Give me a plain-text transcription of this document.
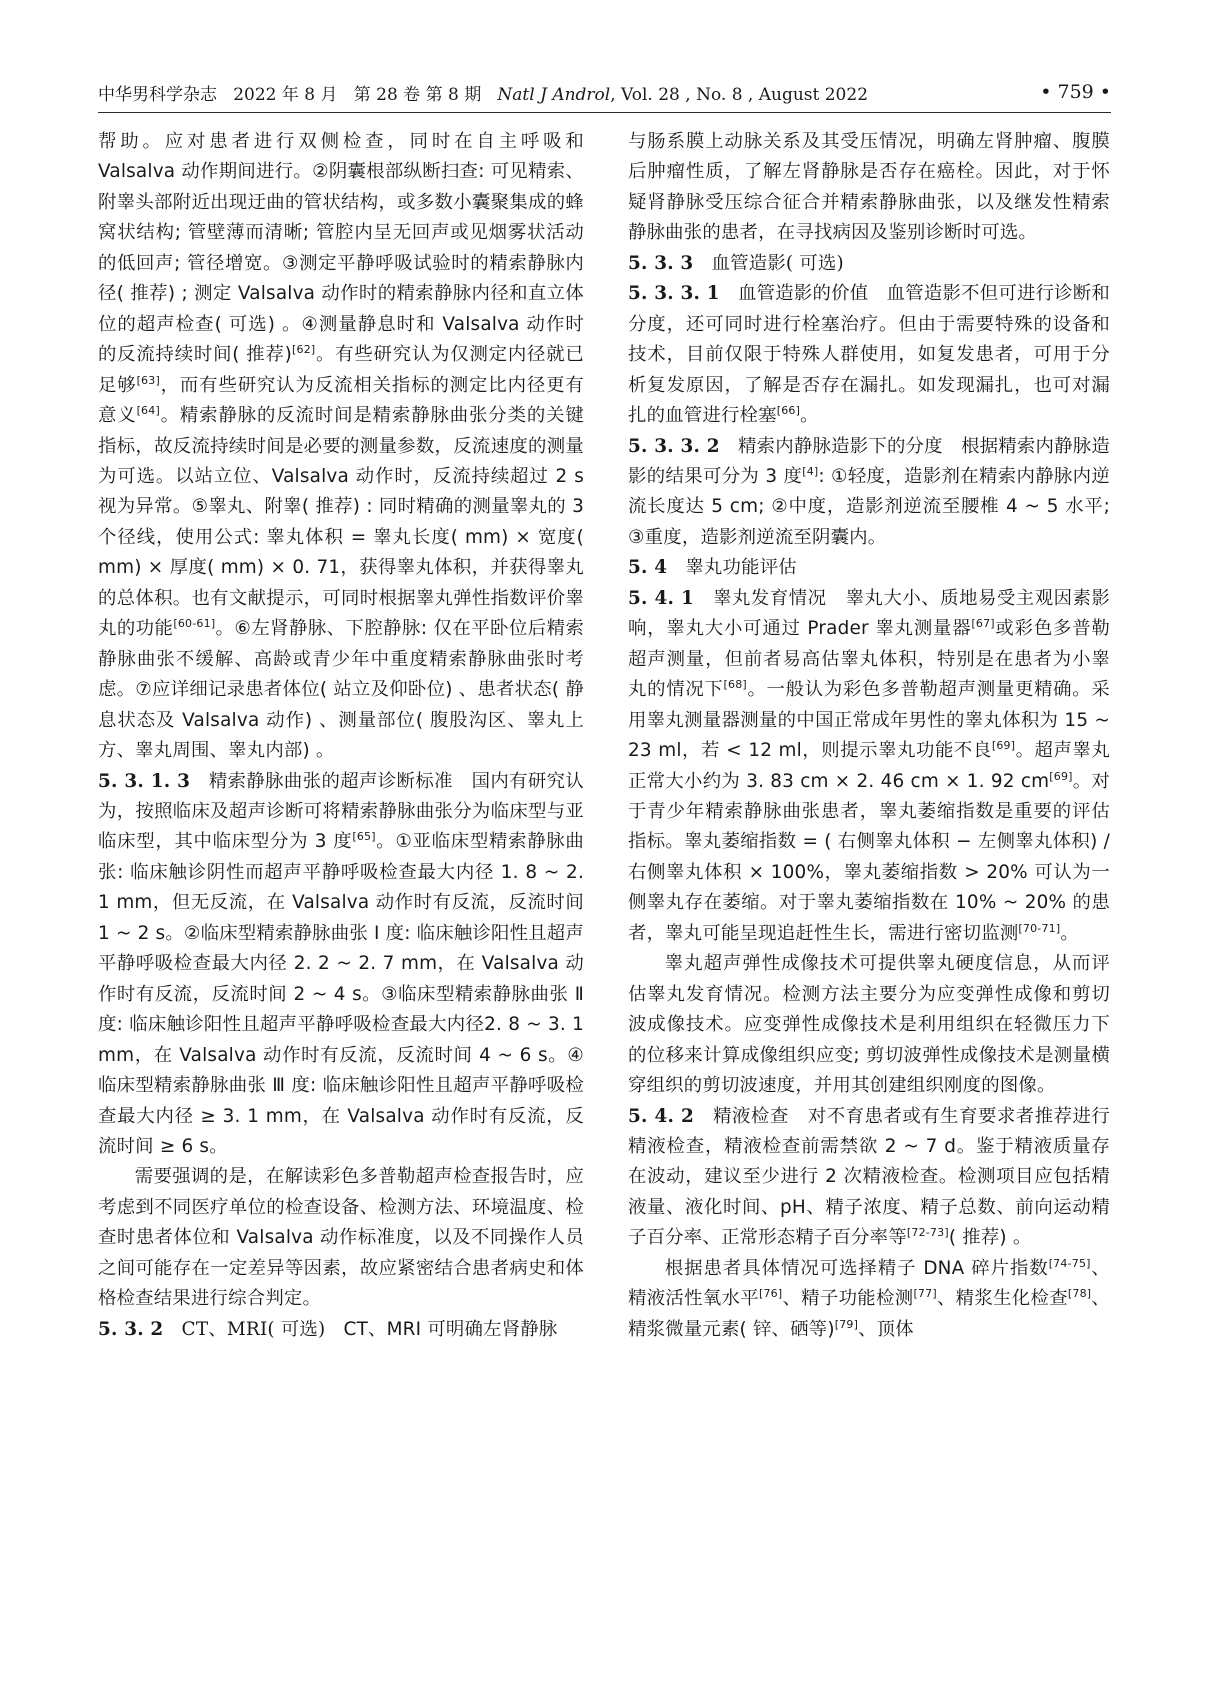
中华男科学杂志 2022 年 8 月 第 28 卷 第 8 期 Natl J Androl, Vol. 28 , No. 8 , August 2022	• 759 •

帮助。应对患者进行双侧检查，同时在自主呼吸和 Valsalva 动作期间进行。②阴囊根部纵断扫查: 可见精索、附睾头部附近出现迂曲的管状结构，或多数小囊聚集成的蜂窝状结构; 管壁薄而清晰; 管腔内呈无回声或见烟雾状活动的低回声; 管径增宽。③测定平静呼吸试验时的精索静脉内径( 推荐) ; 测定 Valsalva 动作时的精索静脉内径和直立体位的超声检查( 可选) 。④测量静息时和 Valsalva 动作时的反流持续时间( 推荐)[62]。有些研究认为仅测定内径就已足够[63]，而有些研究认为反流相关指标的测定比内径更有意义[64]。精索静脉的反流时间是精索静脉曲张分类的关键指标，故反流持续时间是必要的测量参数，反流速度的测量为可选。以站立位、Valsalva 动作时，反流持续超过 2 s 视为异常。⑤睾丸、附睾( 推荐) : 同时精确的测量睾丸的 3 个径线，使用公式: 睾丸体积 = 睾丸长度( mm) × 宽度( mm) × 厚度( mm) × 0. 71，获得睾丸体积，并获得睾丸的总体积。也有文献提示，可同时根据睾丸弹性指数评价睾丸的功能[60-61]。⑥左肾静脉、下腔静脉: 仅在平卧位后精索静脉曲张不缓解、高龄或青少年中重度精索静脉曲张时考虑。⑦应详细记录患者体位( 站立及仰卧位) 、患者状态( 静息状态及 Valsalva 动作) 、测量部位( 腹股沟区、睾丸上方、睾丸周围、睾丸内部) 。

5. 3. 1. 3 精索静脉曲张的超声诊断标准 国内有研究认为，按照临床及超声诊断可将精索静脉曲张分为临床型与亚临床型，其中临床型分为 3 度[65]。①亚临床型精索静脉曲张: 临床触诊阴性而超声平静呼吸检查最大内径 1. 8 ~ 2. 1 mm，但无反流，在 Valsalva 动作时有反流，反流时间 1 ~ 2 s。②临床型精索静脉曲张 Ⅰ 度: 临床触诊阳性且超声平静呼吸检查最大内径 2. 2 ~ 2. 7 mm，在 Valsalva 动作时有反流，反流时间 2 ~ 4 s。③临床型精索静脉曲张 Ⅱ 度: 临床触诊阳性且超声平静呼吸检查最大内径2. 8 ~ 3. 1 mm，在 Valsalva 动作时有反流，反流时间 4 ~ 6 s。④临床型精索静脉曲张 Ⅲ 度: 临床触诊阳性且超声平静呼吸检查最大内径 ≥ 3. 1 mm，在 Valsalva 动作时有反流，反流时间 ≥ 6 s。

需要强调的是，在解读彩色多普勒超声检查报告时，应考虑到不同医疗单位的检查设备、检测方法、环境温度、检查时患者体位和 Valsalva 动作标准度，以及不同操作人员之间可能存在一定差异等因素，故应紧密结合患者病史和体格检查结果进行综合判定。

5. 3. 2 CT、MRI( 可选) CT、MRI 可明确左肾静脉

与肠系膜上动脉关系及其受压情况，明确左肾肿瘤、腹膜后肿瘤性质，了解左肾静脉是否存在癌栓。因此，对于怀疑肾静脉受压综合征合并精索静脉曲张，以及继发性精索静脉曲张的患者，在寻找病因及鉴别诊断时可选。

5. 3. 3 血管造影( 可选)

5. 3. 3. 1 血管造影的价值 血管造影不但可进行诊断和分度，还可同时进行栓塞治疗。但由于需要特殊的设备和技术，目前仅限于特殊人群使用，如复发患者，可用于分析复发原因，了解是否存在漏扎。如发现漏扎，也可对漏扎的血管进行栓塞[66]。

5. 3. 3. 2 精索内静脉造影下的分度 根据精索内静脉造影的结果可分为 3 度[4]: ①轻度，造影剂在精索内静脉内逆流长度达 5 cm; ②中度，造影剂逆流至腰椎 4 ~ 5 水平; ③重度，造影剂逆流至阴囊内。

5. 4 睾丸功能评估

5. 4. 1 睾丸发育情况 睾丸大小、质地易受主观因素影响，睾丸大小可通过 Prader 睾丸测量器[67]或彩色多普勒超声测量，但前者易高估睾丸体积，特别是在患者为小睾丸的情况下[68]。一般认为彩色多普勒超声测量更精确。采用睾丸测量器测量的中国正常成年男性的睾丸体积为 15 ~ 23 ml，若 < 12 ml，则提示睾丸功能不良[69]。超声睾丸正常大小约为 3. 83 cm × 2. 46 cm × 1. 92 cm[69]。对于青少年精索静脉曲张患者，睾丸萎缩指数是重要的评估指标。睾丸萎缩指数 = ( 右侧睾丸体积 − 左侧睾丸体积) / 右侧睾丸体积 × 100%，睾丸萎缩指数 > 20% 可认为一侧睾丸存在萎缩。对于睾丸萎缩指数在 10% ~ 20% 的患者，睾丸可能呈现追赶性生长，需进行密切监测[70-71]。

睾丸超声弹性成像技术可提供睾丸硬度信息，从而评估睾丸发育情况。检测方法主要分为应变弹性成像和剪切波成像技术。应变弹性成像技术是利用组织在轻微压力下的位移来计算成像组织应变; 剪切波弹性成像技术是测量横穿组织的剪切波速度，并用其创建组织刚度的图像。

5. 4. 2 精液检查 对不育患者或有生育要求者推荐进行精液检查，精液检查前需禁欲 2 ~ 7 d。鉴于精液质量存在波动，建议至少进行 2 次精液检查。检测项目应包括精液量、液化时间、pH、精子浓度、精子总数、前向运动精子百分率、正常形态精子百分率等[72-73]( 推荐) 。

根据患者具体情况可选择精子 DNA 碎片指数[74-75]、精液活性氧水平[76]、精子功能检测[77]、精浆生化检查[78]、精浆微量元素( 锌、硒等)[79]、顶体
